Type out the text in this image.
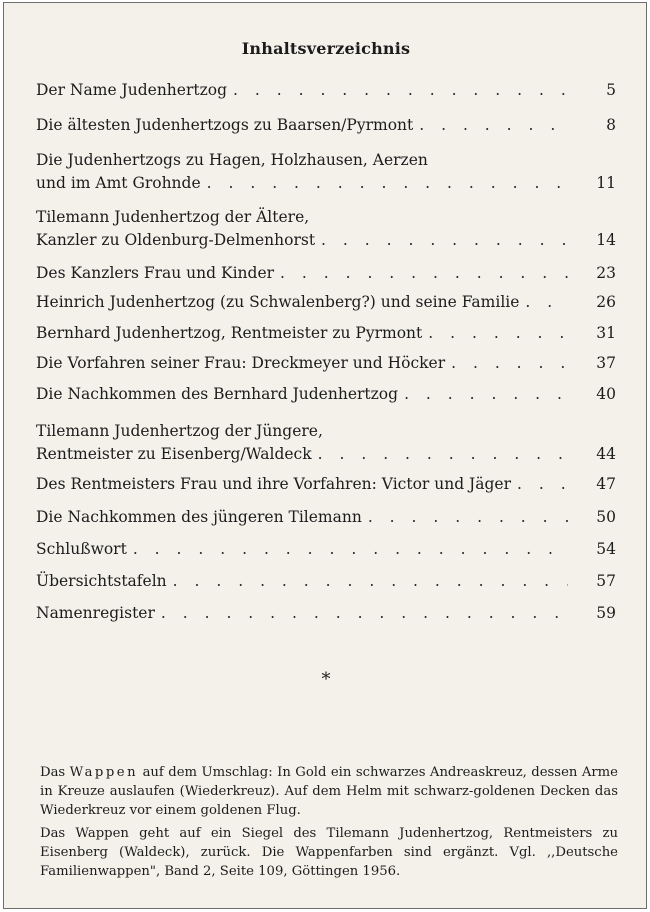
Inhaltsverzeichnis
Der Name Judenhertzog . . .	5
Die ältesten Judenhertzogs zu Baarsen/Pyrmont . . .	8
Die Judenhertzogs zu Hagen, Holzhausen, Aerzen
und im Amt Grohnde . . .	11
Tilemann Judenhertzog der Ältere,
Kanzler zu Oldenburg-Delmenhorst . . .	14
Des Kanzlers Frau und Kinder . . .	23
Heinrich Judenhertzog (zu Schwalenberg?) und seine Familie . . .	26
Bernhard Judenhertzog, Rentmeister zu Pyrmont . . .	31
Die Vorfahren seiner Frau: Dreckmeyer und Höcker . . .	37
Die Nachkommen des Bernhard Judenhertzog . . .	40
Tilemann Judenhertzog der Jüngere,
Rentmeister zu Eisenberg/Waldeck . . .	44
Des Rentmeisters Frau und ihre Vorfahren: Victor und Jäger . . .	47
Die Nachkommen des jüngeren Tilemann . . .	50
Schlußwort . . .	54
Übersichtstafeln . . .	57
Namenregister . . .	59
*

Das Wappen auf dem Umschlag: In Gold ein schwarzes Andreaskreuz, dessen Arme in Kreuze auslaufen (Wiederkreuz). Auf dem Helm mit schwarz-goldenen Decken das Wiederkreuz vor einem goldenen Flug.

Das Wappen geht auf ein Siegel des Tilemann Judenhertzog, Rentmeisters zu Eisenberg (Waldeck), zurück. Die Wappenfarben sind ergänzt. Vgl. ,,Deutsche Familienwappen", Band 2, Seite 109, Göttingen 1956.
